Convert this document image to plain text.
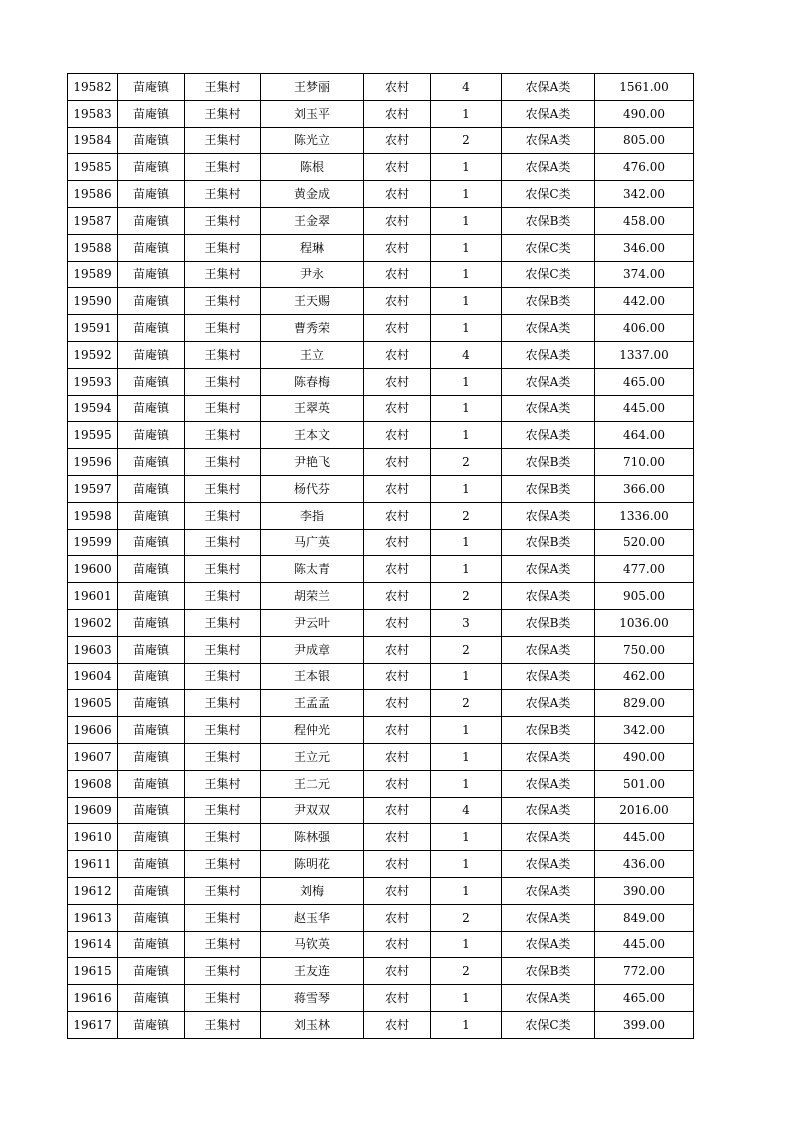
19582	苗庵镇	王集村	王梦丽	农村	4	农保A类	1561.00
19583	苗庵镇	王集村	刘玉平	农村	1	农保A类	490.00
19584	苗庵镇	王集村	陈光立	农村	2	农保A类	805.00
19585	苗庵镇	王集村	陈根	农村	1	农保A类	476.00
19586	苗庵镇	王集村	黄金成	农村	1	农保C类	342.00
19587	苗庵镇	王集村	王金翠	农村	1	农保B类	458.00
19588	苗庵镇	王集村	程琳	农村	1	农保C类	346.00
19589	苗庵镇	王集村	尹永	农村	1	农保C类	374.00
19590	苗庵镇	王集村	王天赐	农村	1	农保B类	442.00
19591	苗庵镇	王集村	曹秀荣	农村	1	农保A类	406.00
19592	苗庵镇	王集村	王立	农村	4	农保A类	1337.00
19593	苗庵镇	王集村	陈春梅	农村	1	农保A类	465.00
19594	苗庵镇	王集村	王翠英	农村	1	农保A类	445.00
19595	苗庵镇	王集村	王本文	农村	1	农保A类	464.00
19596	苗庵镇	王集村	尹艳飞	农村	2	农保B类	710.00
19597	苗庵镇	王集村	杨代芬	农村	1	农保B类	366.00
19598	苗庵镇	王集村	李指	农村	2	农保A类	1336.00
19599	苗庵镇	王集村	马广英	农村	1	农保B类	520.00
19600	苗庵镇	王集村	陈太青	农村	1	农保A类	477.00
19601	苗庵镇	王集村	胡荣兰	农村	2	农保A类	905.00
19602	苗庵镇	王集村	尹云叶	农村	3	农保B类	1036.00
19603	苗庵镇	王集村	尹成章	农村	2	农保A类	750.00
19604	苗庵镇	王集村	王本银	农村	1	农保A类	462.00
19605	苗庵镇	王集村	王孟孟	农村	2	农保A类	829.00
19606	苗庵镇	王集村	程仲光	农村	1	农保B类	342.00
19607	苗庵镇	王集村	王立元	农村	1	农保A类	490.00
19608	苗庵镇	王集村	王二元	农村	1	农保A类	501.00
19609	苗庵镇	王集村	尹双双	农村	4	农保A类	2016.00
19610	苗庵镇	王集村	陈林强	农村	1	农保A类	445.00
19611	苗庵镇	王集村	陈明花	农村	1	农保A类	436.00
19612	苗庵镇	王集村	刘梅	农村	1	农保A类	390.00
19613	苗庵镇	王集村	赵玉华	农村	2	农保A类	849.00
19614	苗庵镇	王集村	马钦英	农村	1	农保A类	445.00
19615	苗庵镇	王集村	王友连	农村	2	农保B类	772.00
19616	苗庵镇	王集村	蒋雪琴	农村	1	农保A类	465.00
19617	苗庵镇	王集村	刘玉林	农村	1	农保C类	399.00
